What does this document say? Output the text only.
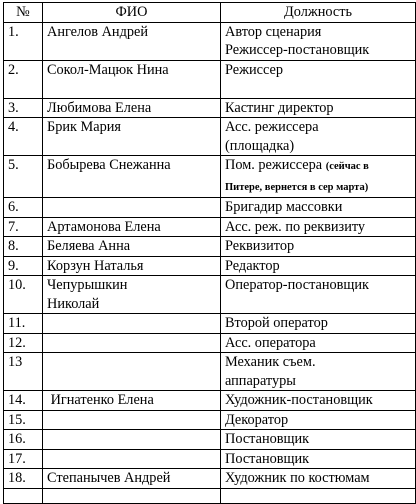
№	ФИО	Должность
1.	Ангелов Андрей	Автор сценария
Режиссер-постановщик
2.	Сокол-Мацюк Нина	Режиссер
3.	Любимова Елена	Кастинг директор
4.	Брик Мария	Асс. режиссера
(площадка)
5.	Бобырева Снежанна	Пом. режиссера (сейчас в
Питере, вернется в сер марта)
6.		Бригадир массовки
7.	Артамонова Елена	Асс. реж. по реквизиту
8.	Беляева Анна	Реквизитор
9.	Корзун Наталья	Редактор
10.	Чепурышкин
Николай	Оператор-постановщик
11.		Второй оператор
12.		Асс. оператора
13		Механик съем.
аппаратуры
14.	Игнатенко Елена	Художник-постановщик
15.		Декоратор
16.		Постановщик
17.		Постановщик
18.	Степанычев Андрей	Художник по костюмам
